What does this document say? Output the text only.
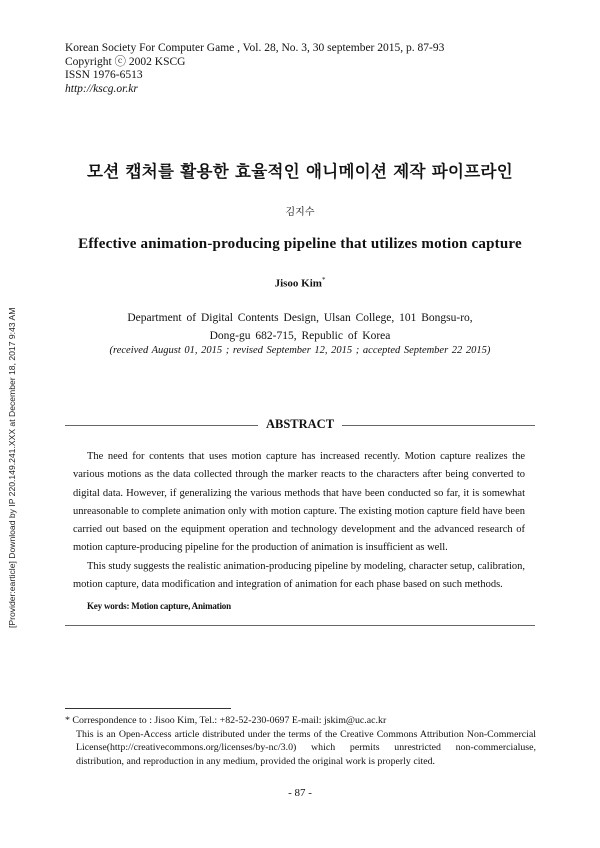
[Provider:earticle] Download by IP 220.149.241.XXX at December 18, 2017 9:43 AM
Korean Society For Computer Game , Vol. 28, No. 3, 30 september 2015, p. 87-93
Copyright ⓒ 2002 KSCG
ISSN 1976-6513
http://kscg.or.kr
모션 캡처를 활용한 효율적인 애니메이션 제작 파이프라인
김지수
Effective animation-producing pipeline that utilizes motion capture
Jisoo Kim*
Department of Digital Contents Design, Ulsan College, 101 Bongsu-ro,
Dong-gu 682-715, Republic of Korea
(received August 01, 2015 ; revised September 12, 2015 ; accepted September 22 2015)
ABSTRACT

The need for contents that uses motion capture has increased recently. Motion capture realizes the various motions as the data collected through the marker reacts to the characters after being converted to digital data. However, if generalizing the various methods that have been conducted so far, it is somewhat unreasonable to complete animation only with motion capture. The existing motion capture field have been carried out based on the equipment operation and technology development and the advanced research of motion capture-producing pipeline for the production of animation is insufficient as well.

This study suggests the realistic animation-producing pipeline by modeling, character setup, calibration, motion capture, data modification and integration of animation for each phase based on such methods.

Key words: Motion capture, Animation

* Correspondence to : Jisoo Kim, Tel.: +82-52-230-0697 E-mail: jskim@uc.ac.kr

This is an Open-Access article distributed under the terms of the Creative Commons Attribution Non-Commercial License(http://creativecommons.org/licenses/by-nc/3.0) which permits unrestricted non-commercialuse, distribution, and reproduction in any medium, provided the original work is properly cited.

- 87 -
